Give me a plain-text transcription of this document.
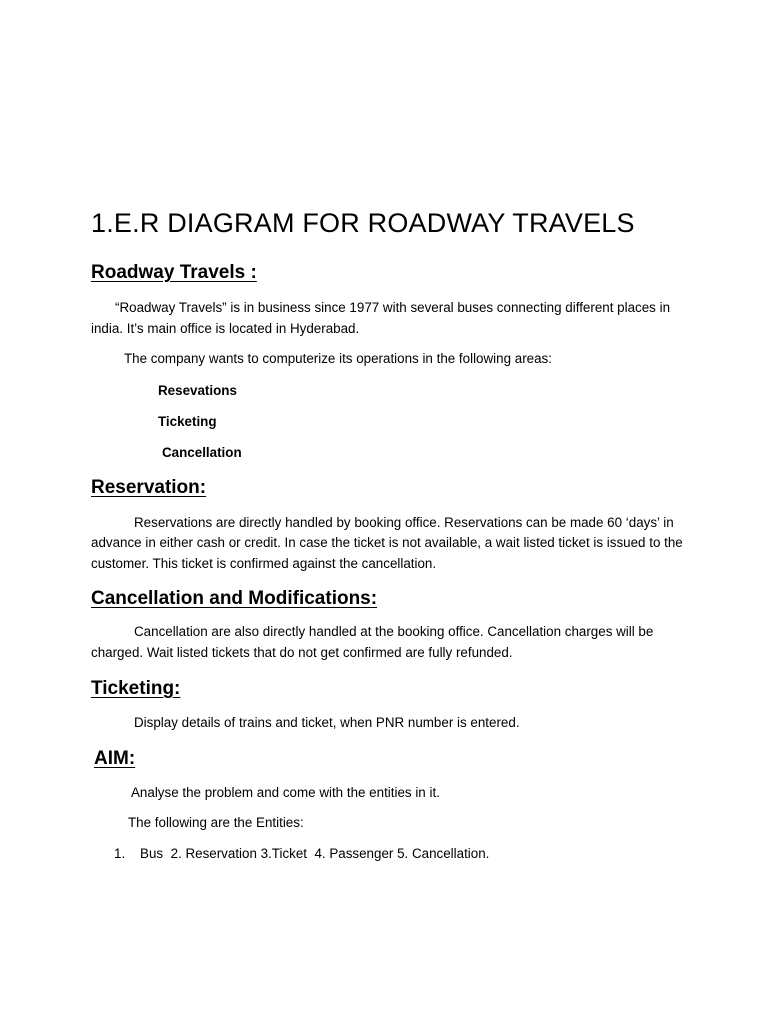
1.E.R DIAGRAM FOR ROADWAY TRAVELS
Roadway Travels :

“Roadway Travels” is in business since 1977 with several buses connecting different places in india. It’s main office is located in Hyderabad.

The company wants to computerize its operations in the following areas:

Resevations

Ticketing

Cancellation

Reservation:

Reservations are directly handled by booking office. Reservations can be made 60 ‘days’ in advance in either cash or credit. In case the ticket is not available, a wait listed ticket is issued to the customer. This ticket is confirmed against the cancellation.

Cancellation and Modifications:

Cancellation are also directly handled at the booking office. Cancellation charges will be charged. Wait listed tickets that do not get confirmed are fully refunded.

Ticketing:

Display details of trains and ticket, when PNR number is entered.

AIM:

Analyse the problem and come with the entities in it.

The following are the Entities:

1.    Bus  2. Reservation 3.Ticket  4. Passenger 5. Cancellation.
